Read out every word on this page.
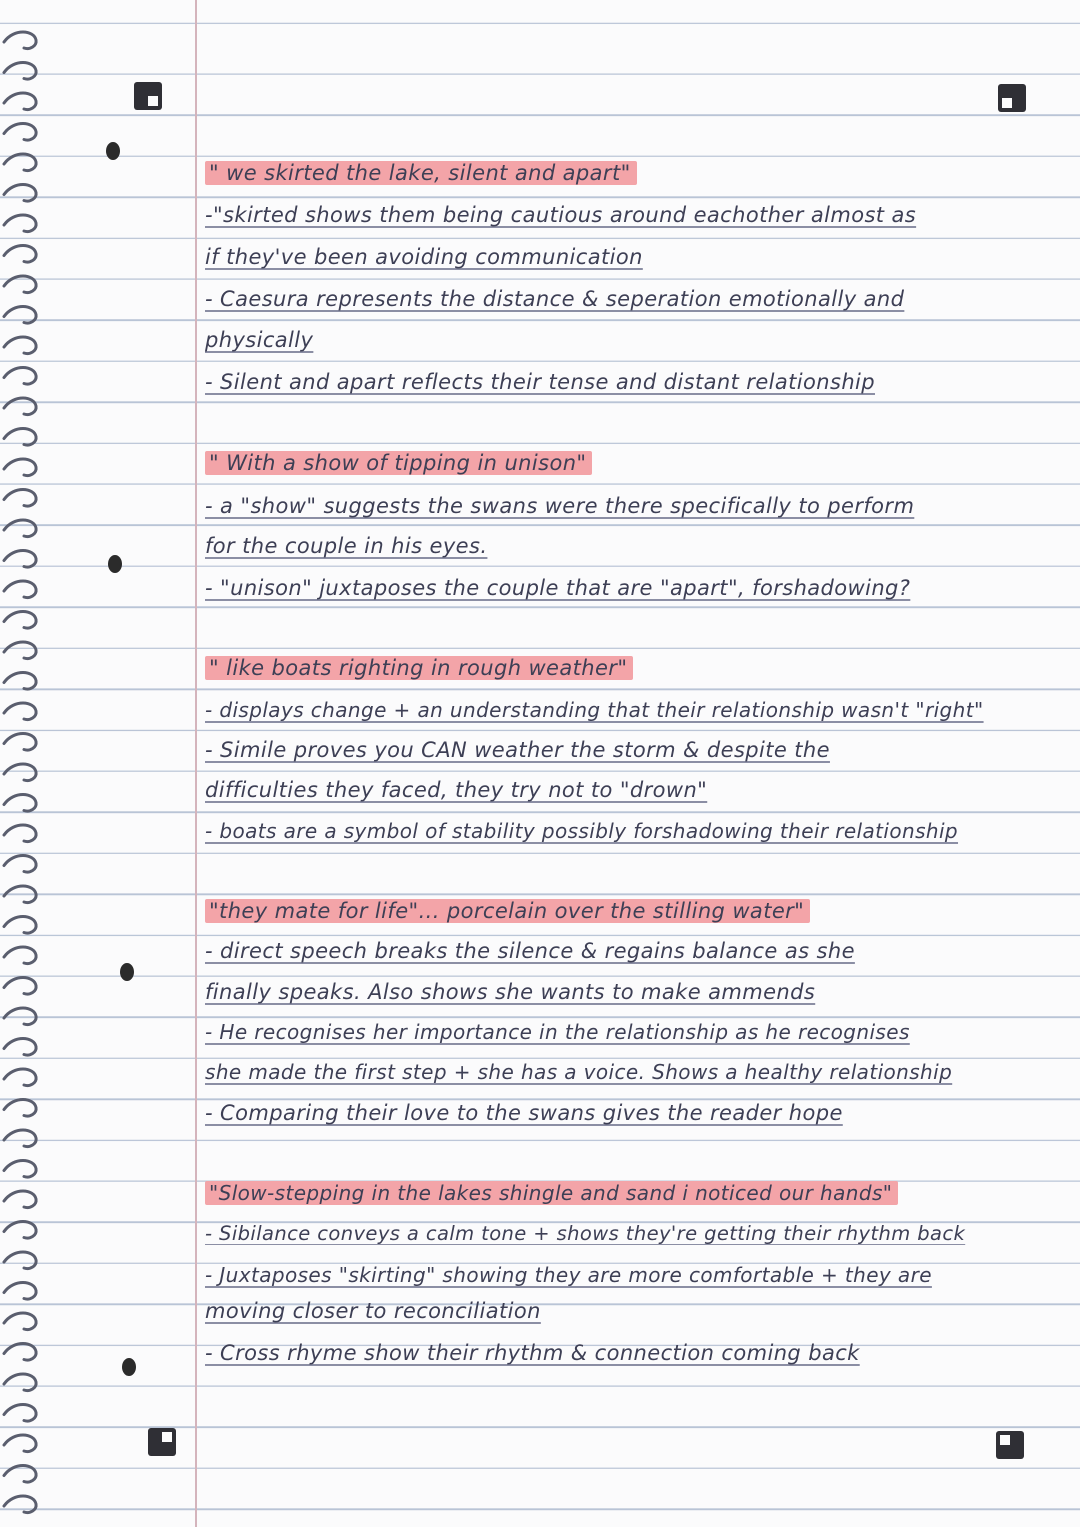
" we skirted the lake, silent and apart"
-"skirted shows them being cautious around eachother almost as
if they've been avoiding communication
- Caesura represents the distance & seperation emotionally and
physically
- Silent and apart reflects their tense and distant relationship
" With a show of tipping in unison"
- a "show" suggests the swans were there specifically to perform
for the couple in his eyes.
- "unison" juxtaposes the couple that are "apart", forshadowing?
" like boats righting in rough weather"
- displays change + an understanding that their relationship wasn't "right"
- Simile proves you CAN weather the storm & despite the
difficulties they faced, they try not to "drown"
- boats are a symbol of stability possibly forshadowing their relationship
"they mate for life"... porcelain over the stilling water"
- direct speech breaks the silence & regains balance as she
finally speaks. Also shows she wants to make ammends
- He recognises her importance in the relationship as he recognises
she made the first step + she has a voice. Shows a healthy relationship
- Comparing their love to the swans gives the reader hope
"Slow-stepping in the lakes shingle and sand i noticed our hands"
- Sibilance conveys a calm tone + shows they're getting their rhythm back
- Juxtaposes "skirting" showing they are more comfortable + they are
moving closer to reconciliation
- Cross rhyme show their rhythm & connection coming back
